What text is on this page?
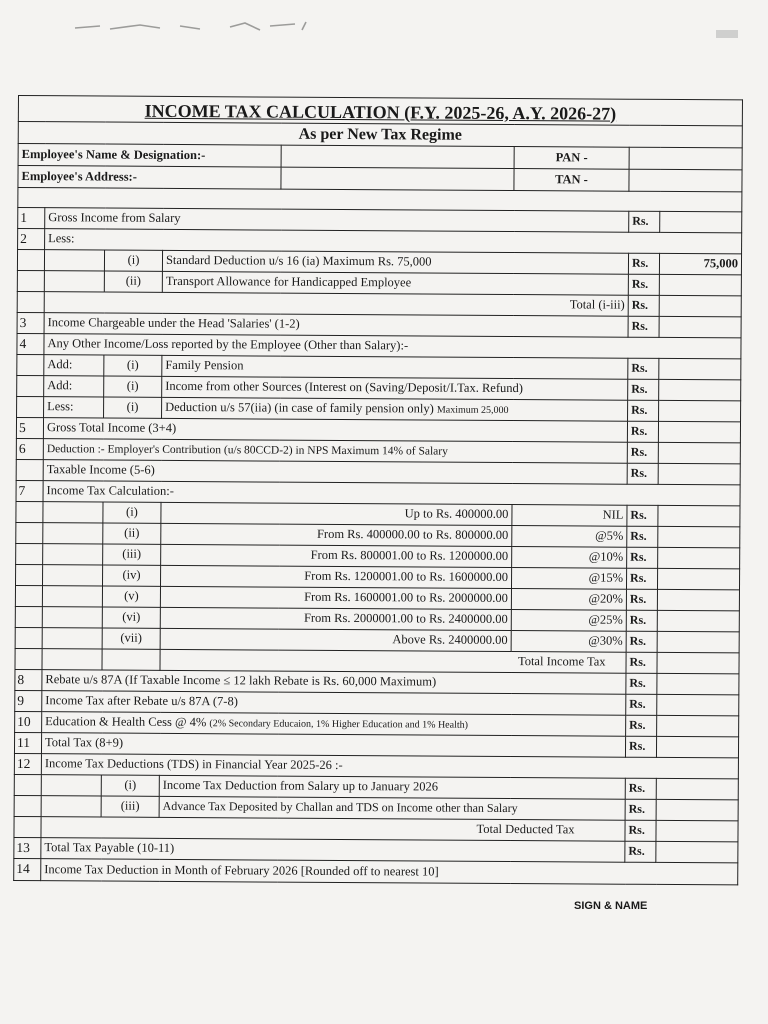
INCOME TAX CALCULATION (F.Y. 2025-26, A.Y. 2026-27)							
As per New Tax Regime							
Employee's Name & Designation:-					PAN -		
Employee's Address:-					TAN -		

1	Gross Income from Salary					Rs.	
2	Less:						
		(i)	Standard Deduction u/s 16 (ia) Maximum Rs. 75,000			Rs.	75,000
		(ii)	Transport Allowance for Handicapped Employee			Rs.	
	Total (i-iii)					Rs.	
3	Income Chargeable under the Head 'Salaries' (1-2)					Rs.	
4	Any Other Income/Loss reported by the Employee (Other than Salary):-						
	Add:	(i)	Family Pension			Rs.	
	Add:	(i)	Income from other Sources (Interest on (Saving/Deposit/I.Tax. Refund)			Rs.	
	Less:	(i)	Deduction u/s 57(iia) (in case of family pension only) Maximum 25,000			Rs.	
5	Gross Total Income (3+4)					Rs.	
6	Deduction :- Employer's Contribution (u/s 80CCD-2) in NPS Maximum 14% of Salary					Rs.	
	Taxable Income (5-6)					Rs.	
7	Income Tax Calculation:-						
		(i)	Up to Rs. 400000.00		NIL	Rs.	
		(ii)	From Rs. 400000.00 to Rs. 800000.00		@5%	Rs.	
		(iii)	From Rs. 800001.00 to Rs. 1200000.00		@10%	Rs.	
		(iv)	From Rs. 1200001.00 to Rs. 1600000.00		@15%	Rs.	
		(v)	From Rs. 1600001.00 to Rs. 2000000.00		@20%	Rs.	
		(vi)	From Rs. 2000001.00 to Rs. 2400000.00		@25%	Rs.	
		(vii)	Above Rs. 2400000.00		@30%	Rs.	
			Total Income Tax			Rs.	
8	Rebate u/s 87A (If Taxable Income ≤ 12 lakh Rebate is Rs. 60,000 Maximum)					Rs.	
9	Income Tax after Rebate u/s 87A (7-8)					Rs.	
10	Education & Health Cess @ 4% (2% Secondary Educaion, 1% Higher Education and 1% Health)					Rs.	
11	Total Tax (8+9)					Rs.	
12	Income Tax Deductions (TDS) in Financial Year 2025-26 :-						
		(i)	Income Tax Deduction from Salary up to January 2026			Rs.	
		(iii)	Advance Tax Deposited by Challan and TDS on Income other than Salary			Rs.	
	Total Deducted Tax					Rs.	
13	Total Tax Payable (10-11)					Rs.	
14	Income Tax Deduction in Month of February 2026 [Rounded off to nearest 10]						
SIGN & NAME
